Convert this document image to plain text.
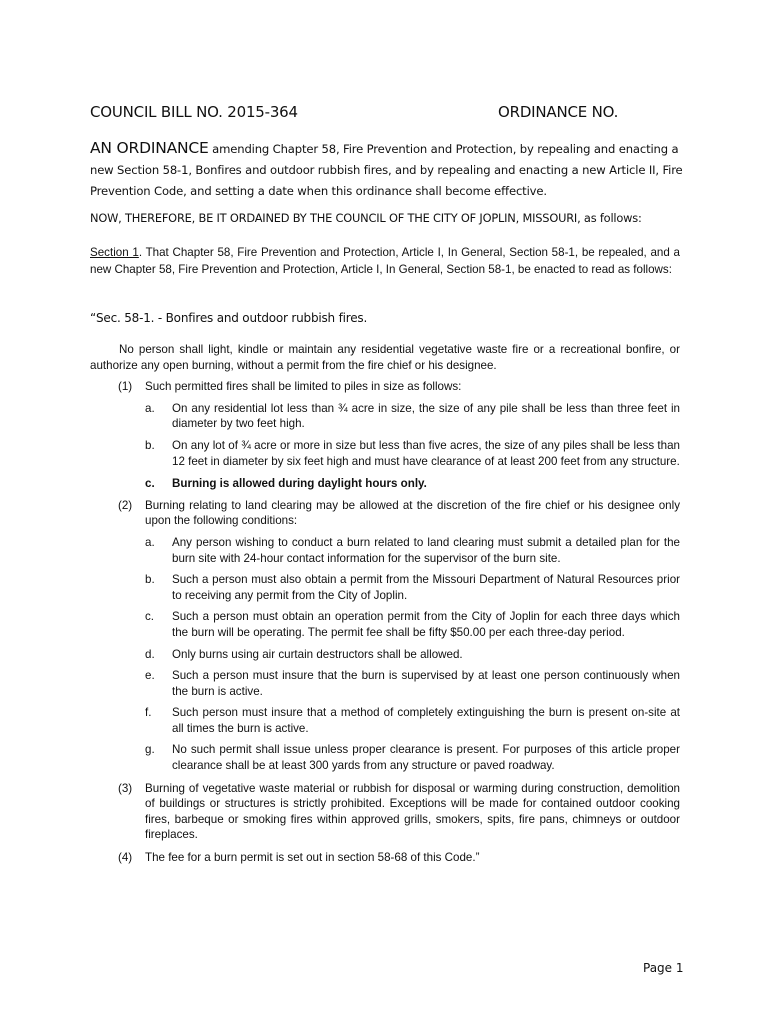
COUNCIL BILL NO. 2015-364	ORDINANCE NO.
AN ORDINANCE amending Chapter 58, Fire Prevention and Protection, by repealing and enacting a new Section 58-1, Bonfires and outdoor rubbish fires, and by repealing and enacting a new Article II, Fire Prevention Code, and setting a date when this ordinance shall become effective.
NOW, THEREFORE, BE IT ORDAINED BY THE COUNCIL OF THE CITY OF JOPLIN, MISSOURI, as follows:
Section 1. That Chapter 58, Fire Prevention and Protection, Article I, In General, Section 58-1, be repealed, and a new Chapter 58, Fire Prevention and Protection, Article I, In General, Section 58-1, be enacted to read as follows:
“Sec. 58-1. - Bonfires and outdoor rubbish fires.

No person shall light, kindle or maintain any residential vegetative waste fire or a recreational bonfire, or authorize any open burning, without a permit from the fire chief or his designee.

(1) Such permitted fires shall be limited to piles in size as follows:
a. On any residential lot less than ¾ acre in size, the size of any pile shall be less than three feet in diameter by two feet high.
b. On any lot of ¾ acre or more in size but less than five acres, the size of any piles shall be less than 12 feet in diameter by six feet high and must have clearance of at least 200 feet from any structure.
c. Burning is allowed during daylight hours only.
(2) Burning relating to land clearing may be allowed at the discretion of the fire chief or his designee only upon the following conditions:
a. Any person wishing to conduct a burn related to land clearing must submit a detailed plan for the burn site with 24-hour contact information for the supervisor of the burn site.
b. Such a person must also obtain a permit from the Missouri Department of Natural Resources prior to receiving any permit from the City of Joplin.
c. Such a person must obtain an operation permit from the City of Joplin for each three days which the burn will be operating. The permit fee shall be fifty $50.00 per each three-day period.
d. Only burns using air curtain destructors shall be allowed.
e. Such a person must insure that the burn is supervised by at least one person continuously when the burn is active.
f. Such person must insure that a method of completely extinguishing the burn is present on-site at all times the burn is active.
g. No such permit shall issue unless proper clearance is present. For purposes of this article proper clearance shall be at least 300 yards from any structure or paved roadway.
(3) Burning of vegetative waste material or rubbish for disposal or warming during construction, demolition of buildings or structures is strictly prohibited. Exceptions will be made for contained outdoor cooking fires, barbeque or smoking fires within approved grills, smokers, spits, fire pans, chimneys or outdoor fireplaces.
(4) The fee for a burn permit is set out in section 58-68 of this Code.”
Page 1
